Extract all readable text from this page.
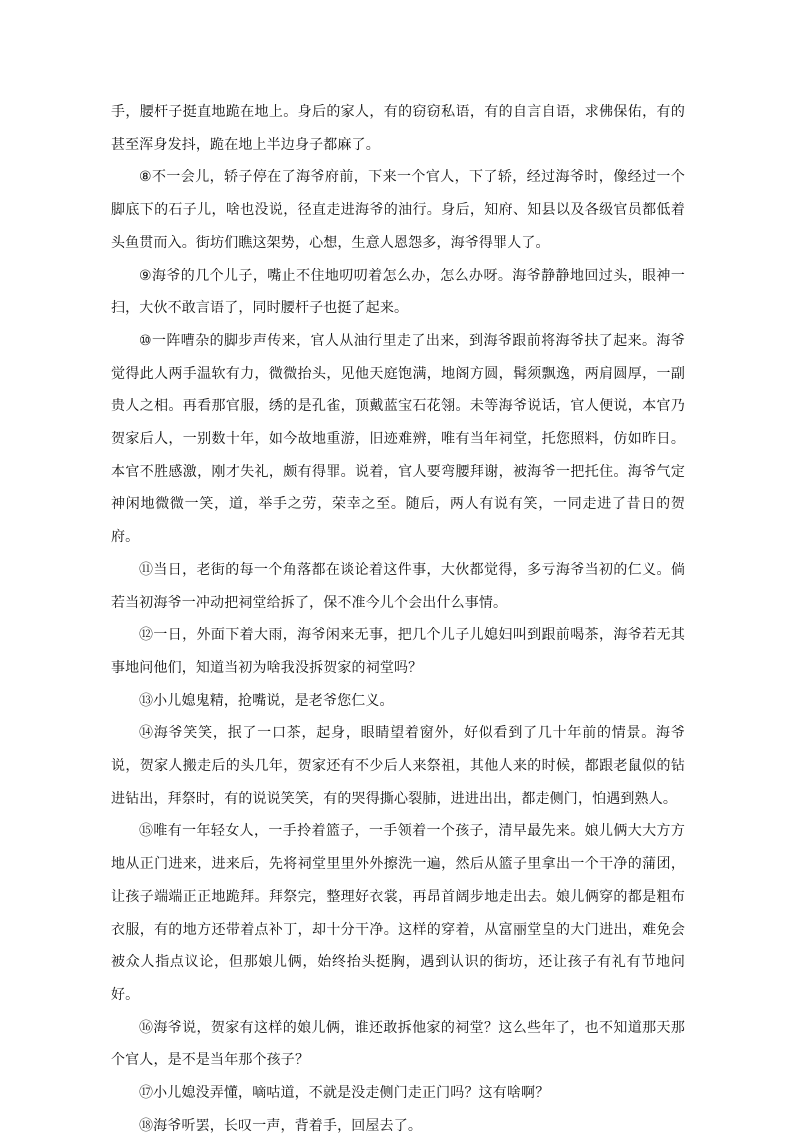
手，腰杆子挺直地跪在地上。身后的家人，有的窃窃私语，有的自言自语，求佛保佑，有的甚至浑身发抖，跪在地上半边身子都麻了。

⑧不一会儿，轿子停在了海爷府前，下来一个官人，下了轿，经过海爷时，像经过一个脚底下的石子儿，啥也没说，径直走进海爷的油行。身后，知府、知县以及各级官员都低着头鱼贯而入。街坊们瞧这架势，心想，生意人恩怨多，海爷得罪人了。

⑨海爷的几个儿子，嘴止不住地叨叨着怎么办，怎么办呀。海爷静静地回过头，眼神一扫，大伙不敢言语了，同时腰杆子也挺了起来。

⑩一阵嘈杂的脚步声传来，官人从油行里走了出来，到海爷跟前将海爷扶了起来。海爷觉得此人两手温软有力，微微抬头，见他天庭饱满，地阁方圆，髯须飘逸，两肩圆厚，一副贵人之相。再看那官服，绣的是孔雀，顶戴蓝宝石花翎。未等海爷说话，官人便说，本官乃贺家后人，一别数十年，如今故地重游，旧迹难辨，唯有当年祠堂，托您照料，仿如昨日。本官不胜感激，刚才失礼，颇有得罪。说着，官人要弯腰拜谢，被海爷一把托住。海爷气定神闲地微微一笑，道，举手之劳，荣幸之至。随后，两人有说有笑，一同走进了昔日的贺府。

⑪当日，老街的每一个角落都在谈论着这件事，大伙都觉得，多亏海爷当初的仁义。倘若当初海爷一冲动把祠堂给拆了，保不准今儿个会出什么事情。

⑫一日，外面下着大雨，海爷闲来无事，把几个儿子儿媳妇叫到跟前喝茶，海爷若无其事地问他们，知道当初为啥我没拆贺家的祠堂吗？

⑬小儿媳鬼精，抢嘴说，是老爷您仁义。

⑭海爷笑笑，抿了一口茶，起身，眼睛望着窗外，好似看到了几十年前的情景。海爷说，贺家人搬走后的头几年，贺家还有不少后人来祭祖，其他人来的时候，都跟老鼠似的钻进钻出，拜祭时，有的说说笑笑，有的哭得撕心裂肺，进进出出，都走侧门，怕遇到熟人。

⑮唯有一年轻女人，一手拎着篮子，一手领着一个孩子，清早最先来。娘儿俩大大方方地从正门进来，进来后，先将祠堂里里外外擦洗一遍，然后从篮子里拿出一个干净的蒲团，让孩子端端正正地跪拜。拜祭完，整理好衣裳，再昂首阔步地走出去。娘儿俩穿的都是粗布衣服，有的地方还带着点补丁，却十分干净。这样的穿着，从富丽堂皇的大门进出，难免会被众人指点议论，但那娘儿俩，始终抬头挺胸，遇到认识的街坊，还让孩子有礼有节地问好。

⑯海爷说，贺家有这样的娘儿俩，谁还敢拆他家的祠堂？这么些年了，也不知道那天那个官人，是不是当年那个孩子？

⑰小儿媳没弄懂，嘀咕道，不就是没走侧门走正门吗？这有啥啊？

⑱海爷听罢，长叹一声，背着手，回屋去了。
